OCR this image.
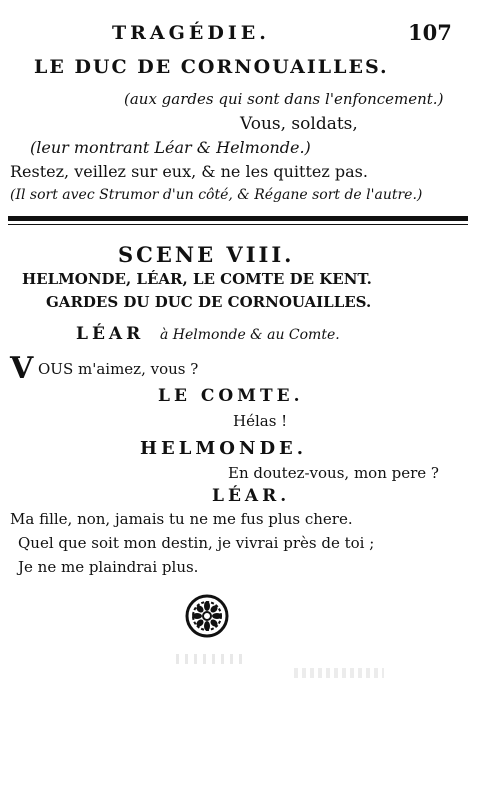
TRAGÉDIE.	107
LE DUC DE CORNOUAILLES.
(aux gardes qui sont dans l'enfoncement.)
Vous, soldats,
(leur montrant Léar & Helmonde.)
Restez, veillez sur eux, & ne les quittez pas.
(Il sort avec Strumor d'un côté, & Régane sort de l'autre.)
SCENE VIII.
HELMONDE, LÉAR, LE COMTE DE KENT.
GARDES DU DUC DE CORNOUAILLES.
LÉAR à Helmonde & au Comte.
V OUS m'aimez, vous ?
LE COMTE.
Hélas !
HELMONDE.
En doutez-vous, mon pere ?
LÉAR.
Ma fille, non, jamais tu ne me fus plus chere.
Quel que soit mon destin, je vivrai près de toi ;
Je ne me plaindrai plus.
